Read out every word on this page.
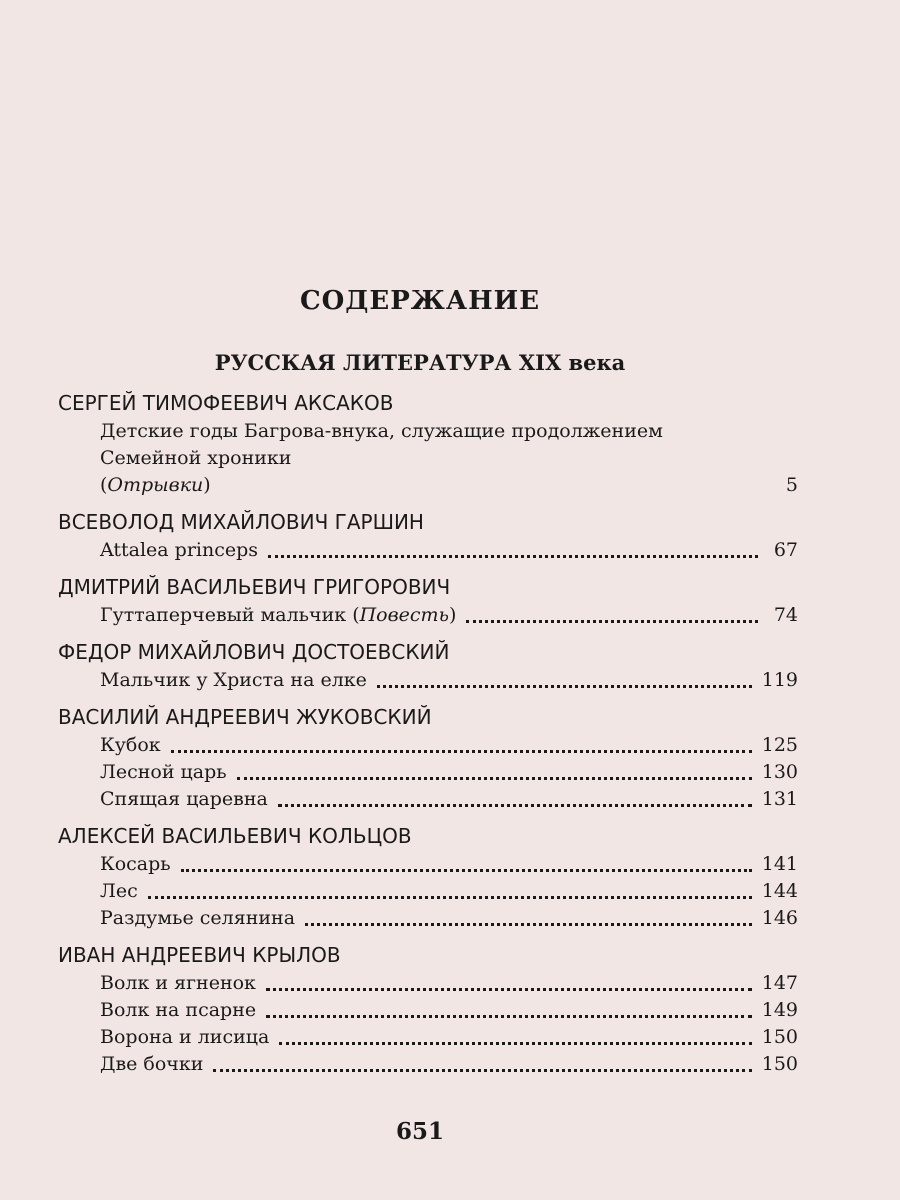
СОДЕРЖАНИЕ
РУССКАЯ ЛИТЕРАТУРА XIX века
СЕРГЕЙ ТИМОФЕЕВИЧ АКСАКОВ
Детские годы Багрова-внука, служащие продолжением Семейной хроники
(Отрывки)	5
ВСЕВОЛОД МИХАЙЛОВИЧ ГАРШИН
Attalea princeps	67
ДМИТРИЙ ВАСИЛЬЕВИЧ ГРИГОРОВИЧ
Гуттаперчевый мальчик (Повесть)	74
ФЕДОР МИХАЙЛОВИЧ ДОСТОЕВСКИЙ
Мальчик у Христа на елке	119
ВАСИЛИЙ АНДРЕЕВИЧ ЖУКОВСКИЙ
Кубок	125
Лесной царь	130
Спящая царевна	131
АЛЕКСЕЙ ВАСИЛЬЕВИЧ КОЛЬЦОВ
Косарь	141
Лес	144
Раздумье селянина	146
ИВАН АНДРЕЕВИЧ КРЫЛОВ
Волк и ягненок	147
Волк на псарне	149
Ворона и лисица	150
Две бочки	150
651
